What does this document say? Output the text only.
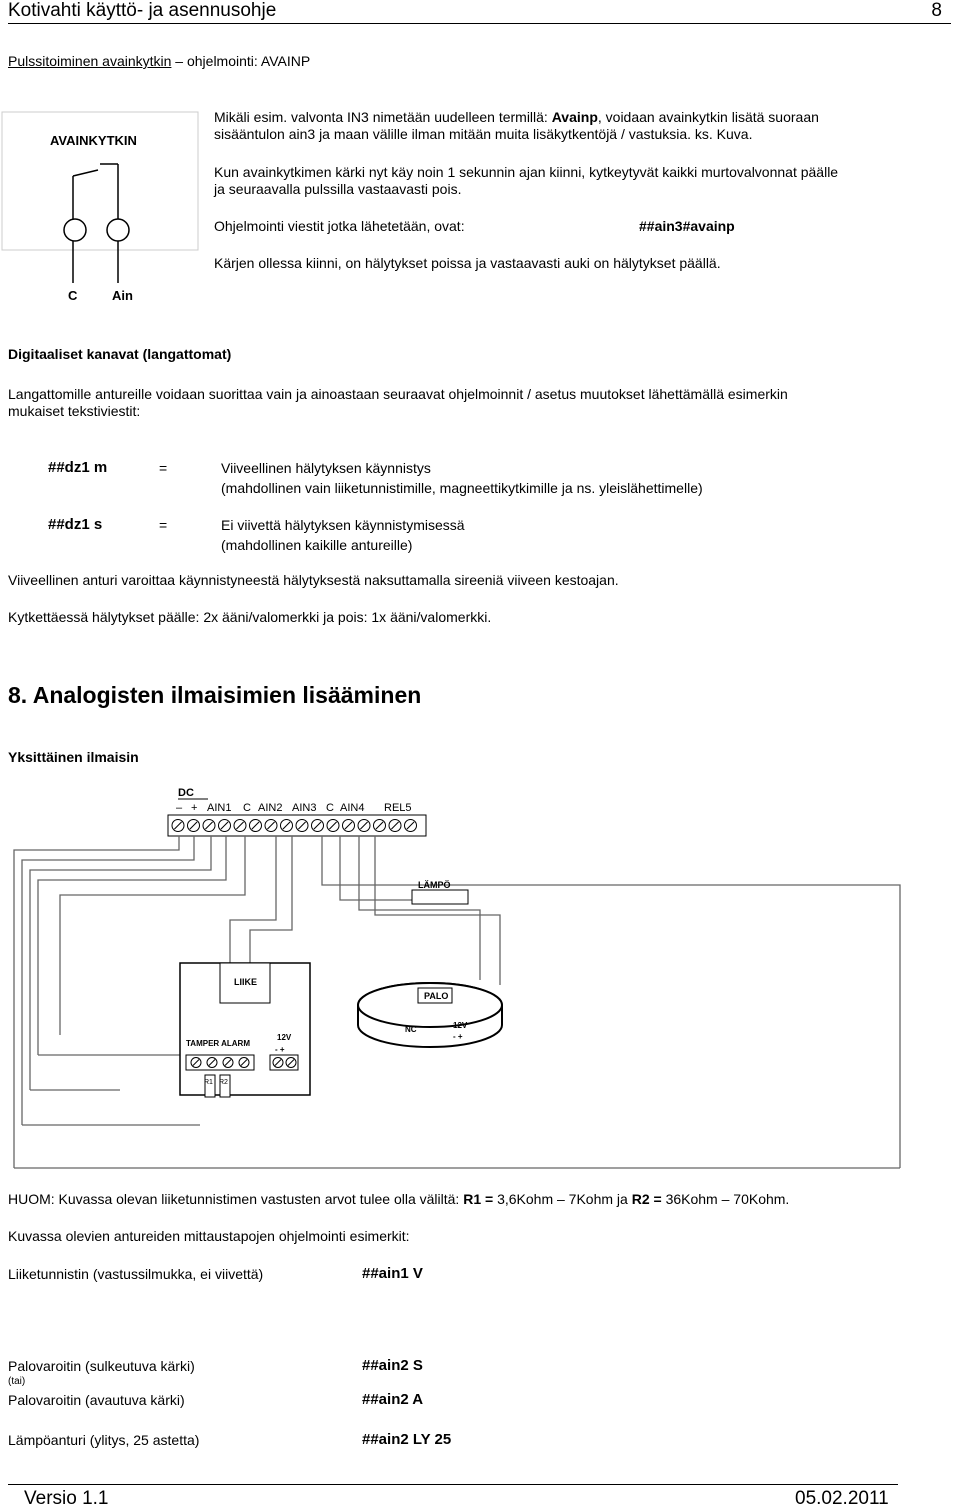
Kotivahti käyttö- ja asennusohje	8
Pulssitoiminen avainkytkin – ohjelmointi: AVAINP
AVAINKYTKIN
C	Ain
Mikäli esim. valvonta IN3 nimetään uudelleen termillä: Avainp, voidaan avainkytkin lisätä suoraan
sisääntulon ain3 ja maan välille ilman mitään muita lisäkytkentöjä / vastuksia. ks. Kuva.
Kun avainkytkimen kärki nyt käy noin 1 sekunnin ajan kiinni, kytkeytyvät kaikki murtovalvonnat päälle
ja seuraavalla pulssilla vastaavasti pois.
Ohjelmointi viestit jotka lähetetään, ovat:	##ain3#avainp
Kärjen ollessa kiinni, on hälytykset poissa ja vastaavasti auki on hälytykset päällä.
Digitaaliset kanavat (langattomat)
Langattomille antureille voidaan suorittaa vain ja ainoastaan seuraavat ohjelmoinnit / asetus muutokset lähettämällä esimerkin
mukaiset tekstiviestit:
##dz1 m	=	Viiveellinen hälytyksen käynnistys
(mahdollinen vain liiketunnistimille, magneettikytkimille ja ns. yleislähettimelle)
##dz1 s	=	Ei viivettä hälytyksen käynnistymisessä
(mahdollinen kaikille antureille)
Viiveellinen anturi varoittaa käynnistyneestä hälytyksestä naksuttamalla sireeniä viiveen kestoajan.
Kytkettäessä hälytykset päälle: 2x ääni/valomerkki ja pois: 1x ääni/valomerkki.
8. Analogisten ilmaisimien lisääminen
Yksittäinen ilmaisin
DC
– + AIN1 C AIN2 AIN3 C AIN4 REL5
LÄMPÖ
LIIKE
TAMPER ALARM
12V
- +
R1 R2
PALO
NC	12V
- +
HUOM: Kuvassa olevan liiketunnistimen vastusten arvot tulee olla väliltä: R1 = 3,6Kohm – 7Kohm ja R2 = 36Kohm – 70Kohm.
Kuvassa olevien antureiden mittaustapojen ohjelmointi esimerkit:
Liiketunnistin (vastussilmukka, ei viivettä)	##ain1 V
Palovaroitin (sulkeutuva kärki)	##ain2 S
(tai)
Palovaroitin (avautuva kärki)	##ain2 A
Lämpöanturi (ylitys, 25 astetta)	##ain2 LY 25
Versio 1.1	05.02.2011
